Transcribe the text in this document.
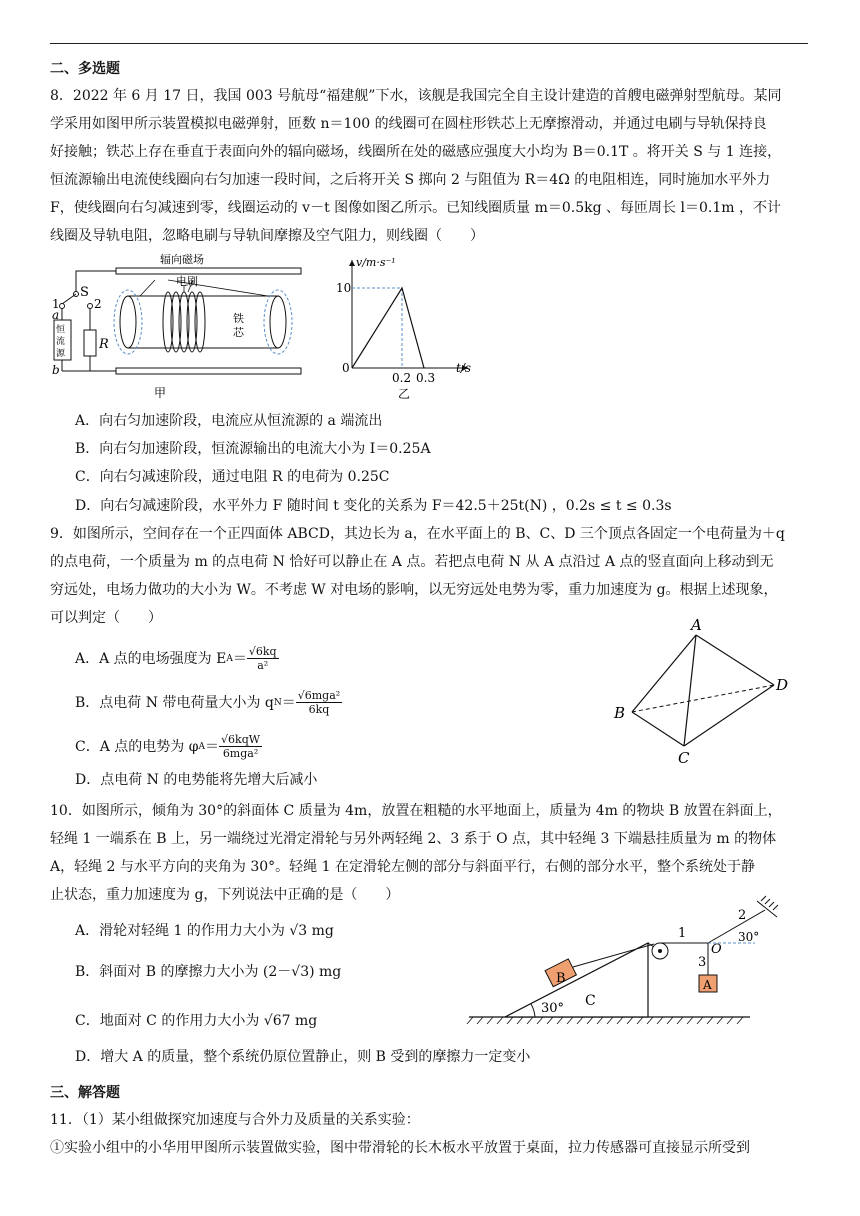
二、多选题
8．2022 年 6 月 17 日，我国 003 号航母“福建舰”下水，该舰是我国完全自主设计建造的首艘电磁弹射型航母。某同
学采用如图甲所示装置模拟电磁弹射，匝数 n＝100 的线圈可在圆柱形铁芯上无摩擦滑动，并通过电刷与导轨保持良
好接触；铁芯上存在垂直于表面向外的辐向磁场，线圈所在处的磁感应强度大小均为 B＝0.1T 。将开关 S 与 1 连接，
恒流源输出电流使线圈向右匀加速一段时间，之后将开关 S 掷向 2 与阻值为 R＝4Ω 的电阻相连，同时施加水平外力
F，使线圈向右匀减速到零，线圈运动的 v－t 图像如图乙所示。已知线圈质量 m＝0.5kg 、每匝周长 l＝0.1m ，不计
线圈及导轨电阻，忽略电刷与导轨间摩擦及空气阻力，则线圈（　　）
S
1	2
a
b
恒
流
源
R
辐向磁场
电刷
铁
芯
甲
v/m·s⁻¹
t/s
10
0
0.2 0.3
乙
A．向右匀加速阶段，电流应从恒流源的 a 端流出
B．向右匀加速阶段，恒流源输出的电流大小为 I＝0.25A
C．向右匀减速阶段，通过电阻 R 的电荷为 0.25C
D．向右匀减速阶段，水平外力 F 随时间 t 变化的关系为 F＝42.5＋25t(N) ，0.2s ≤ t ≤ 0.3s
9．如图所示，空间存在一个正四面体 ABCD，其边长为 a，在水平面上的 B、C、D 三个顶点各固定一个电荷量为＋q
的点电荷，一个质量为 m 的点电荷 N 恰好可以静止在 A 点。若把点电荷 N 从 A 点沿过 A 点的竖直面向上移动到无
穷远处，电场力做功的大小为 W。不考虑 W 对电场的影响，以无穷远处电势为零，重力加速度为 g。根据上述现象，
可以判定（　　）
A．A 点的电场强度为 E $A = \frac{√6kq}{\text{a²}}$
B．点电荷 N 带电荷量大小为 q N ＝ √6mga²
6kq
C．A 点的电势为 φ A ＝ √6kqW
6mga²
D．点电荷 N 的电势能将先增大后减小
A
B
C
D
10．如图所示，倾角为 30°的斜面体 C 质量为 4m，放置在粗糙的水平地面上，质量为 4m 的物块 B 放置在斜面上，
轻绳 1 一端系在 B 上，另一端绕过光滑定滑轮与另外两轻绳 2、3 系于 O 点，其中轻绳 3 下端悬挂质量为 m 的物体
A，轻绳 2 与水平方向的夹角为 30°。轻绳 1 在定滑轮左侧的部分与斜面平行，右侧的部分水平，整个系统处于静
止状态，重力加速度为 g，下列说法中正确的是（　　）
A．滑轮对轻绳 1 的作用力大小为 √3 mg
B．斜面对 B 的摩擦力大小为 (2－√3) mg
C．地面对 C 的作用力大小为 √67 mg
D．增大 A 的质量，整个系统仍原位置静止，则 B 受到的摩擦力一定变小
30° C
B
1
2
30°
O
3
A
三、解答题
11．（1）某小组做探究加速度与合外力及质量的关系实验：
①实验小组中的小华用甲图所示装置做实验，图中带滑轮的长木板水平放置于桌面，拉力传感器可直接显示所受到
